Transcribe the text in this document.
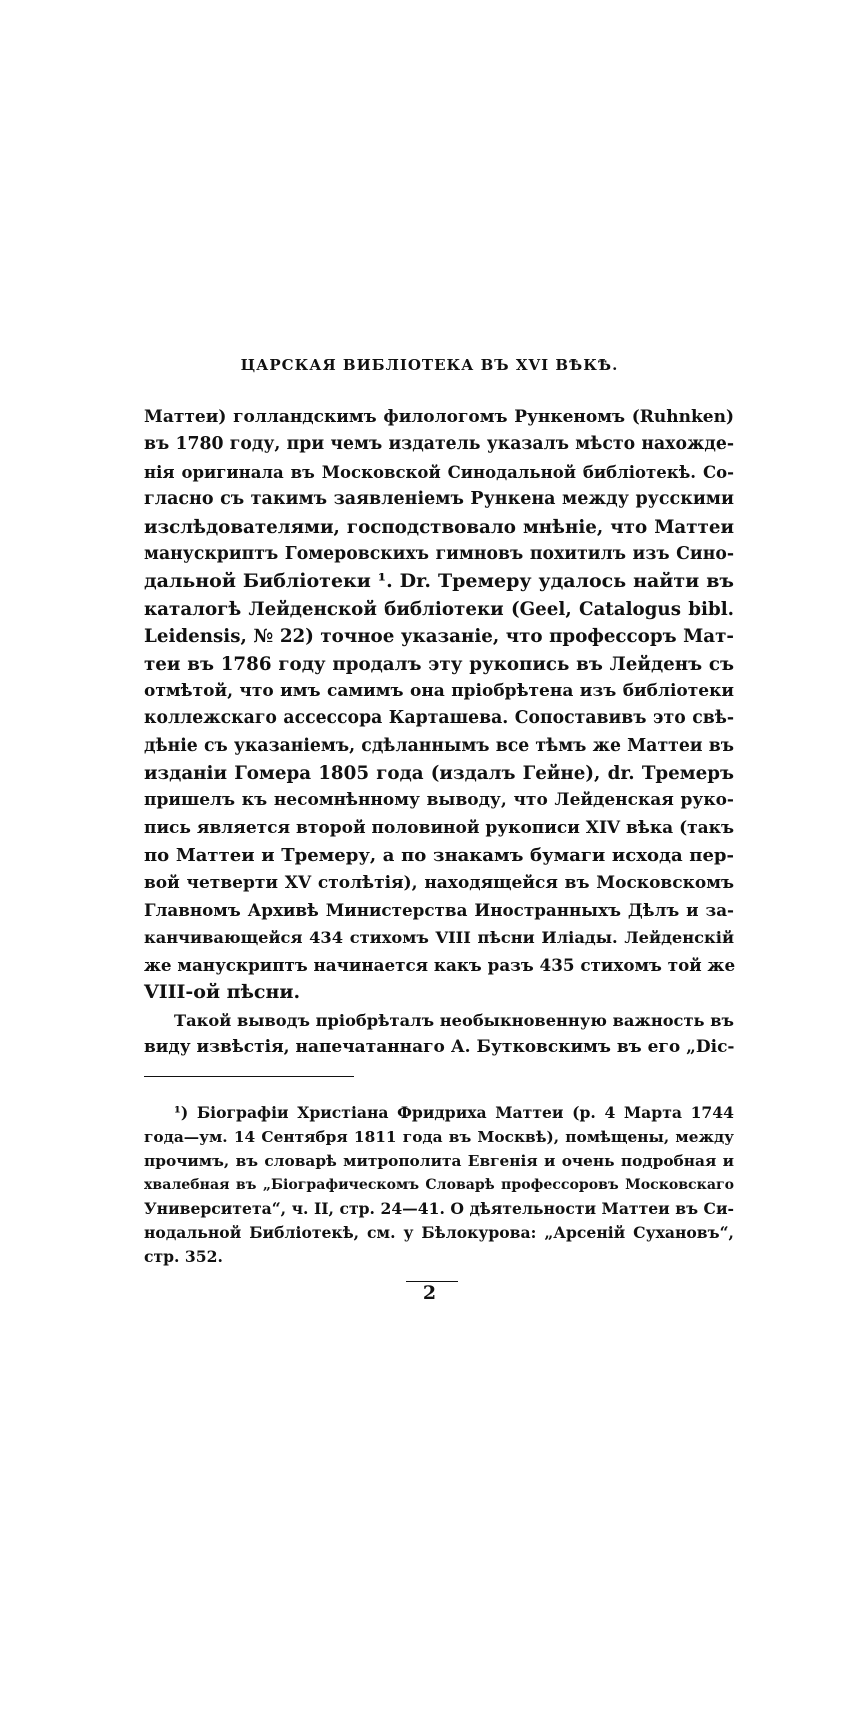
ЦАРСКАЯ ВИБЛІОТЕКА ВЪ XVI ВѢКѢ.
Маттеи) голландскимъ филологомъ Рункеномъ (Ruhnken)
въ 1780 году, при чемъ издатель указалъ мѣсто нахожде-
нія оригинала въ Московской Синодальной библіотекѣ. Со-
гласно съ такимъ заявленіемъ Рункена между русскими
изслѣдователями, господствовало мнѣніе, что Маттеи
манускриптъ Гомеровскихъ гимновъ похитилъ изъ Сино-
дальной Библіотеки ¹. Dr. Тремеру удалось найти въ
каталогѣ Лейденской библіотеки (Geel, Catalogus bibl.
Leidensis, № 22) точное указаніе, что профессоръ Мат-
теи въ 1786 году продалъ эту рукопись въ Лейденъ съ
отмѣтой, что имъ самимъ она пріобрѣтена изъ библіотеки
коллежскаго ассессора Карташева. Сопоставивъ это свѣ-
дѣніе съ указаніемъ, сдѣланнымъ все тѣмъ же Маттеи въ
изданіи Гомера 1805 года (издалъ Гейне), dr. Тремеръ
пришелъ къ несомнѣнному выводу, что Лейденская руко-
пись является второй половиной рукописи XIV вѣка (такъ
по Маттеи и Тремеру, а по знакамъ бумаги исхода пер-
вой четверти XV столѣтія), находящейся въ Московскомъ
Главномъ Архивѣ Министерства Иностранныхъ Дѣлъ и за-
канчивающейся 434 стихомъ VIII пѣсни Иліады. Лейденскій
же манускриптъ начинается какъ разъ 435 стихомъ той же
VIII-ой пѣсни.
Такой выводъ пріобрѣталъ необыкновенную важность въ
виду извѣстія, напечатаннаго А. Бутковскимъ въ его „Dic-
¹) Біографіи Христіана Фридриха Маттеи (р. 4 Марта 1744
года—ум. 14 Сентября 1811 года въ Москвѣ), помѣщены, между
прочимъ, въ словарѣ митрополита Евгенія и очень подробная и
хвалебная въ „Біографическомъ Словарѣ профессоровъ Московскаго
Университета“, ч. II, стр. 24—41. О дѣятельности Маттеи въ Си-
нодальной Библіотекѣ, см. у Бѣлокурова: „Арсеній Сухановъ“,
стр. 352.
2
